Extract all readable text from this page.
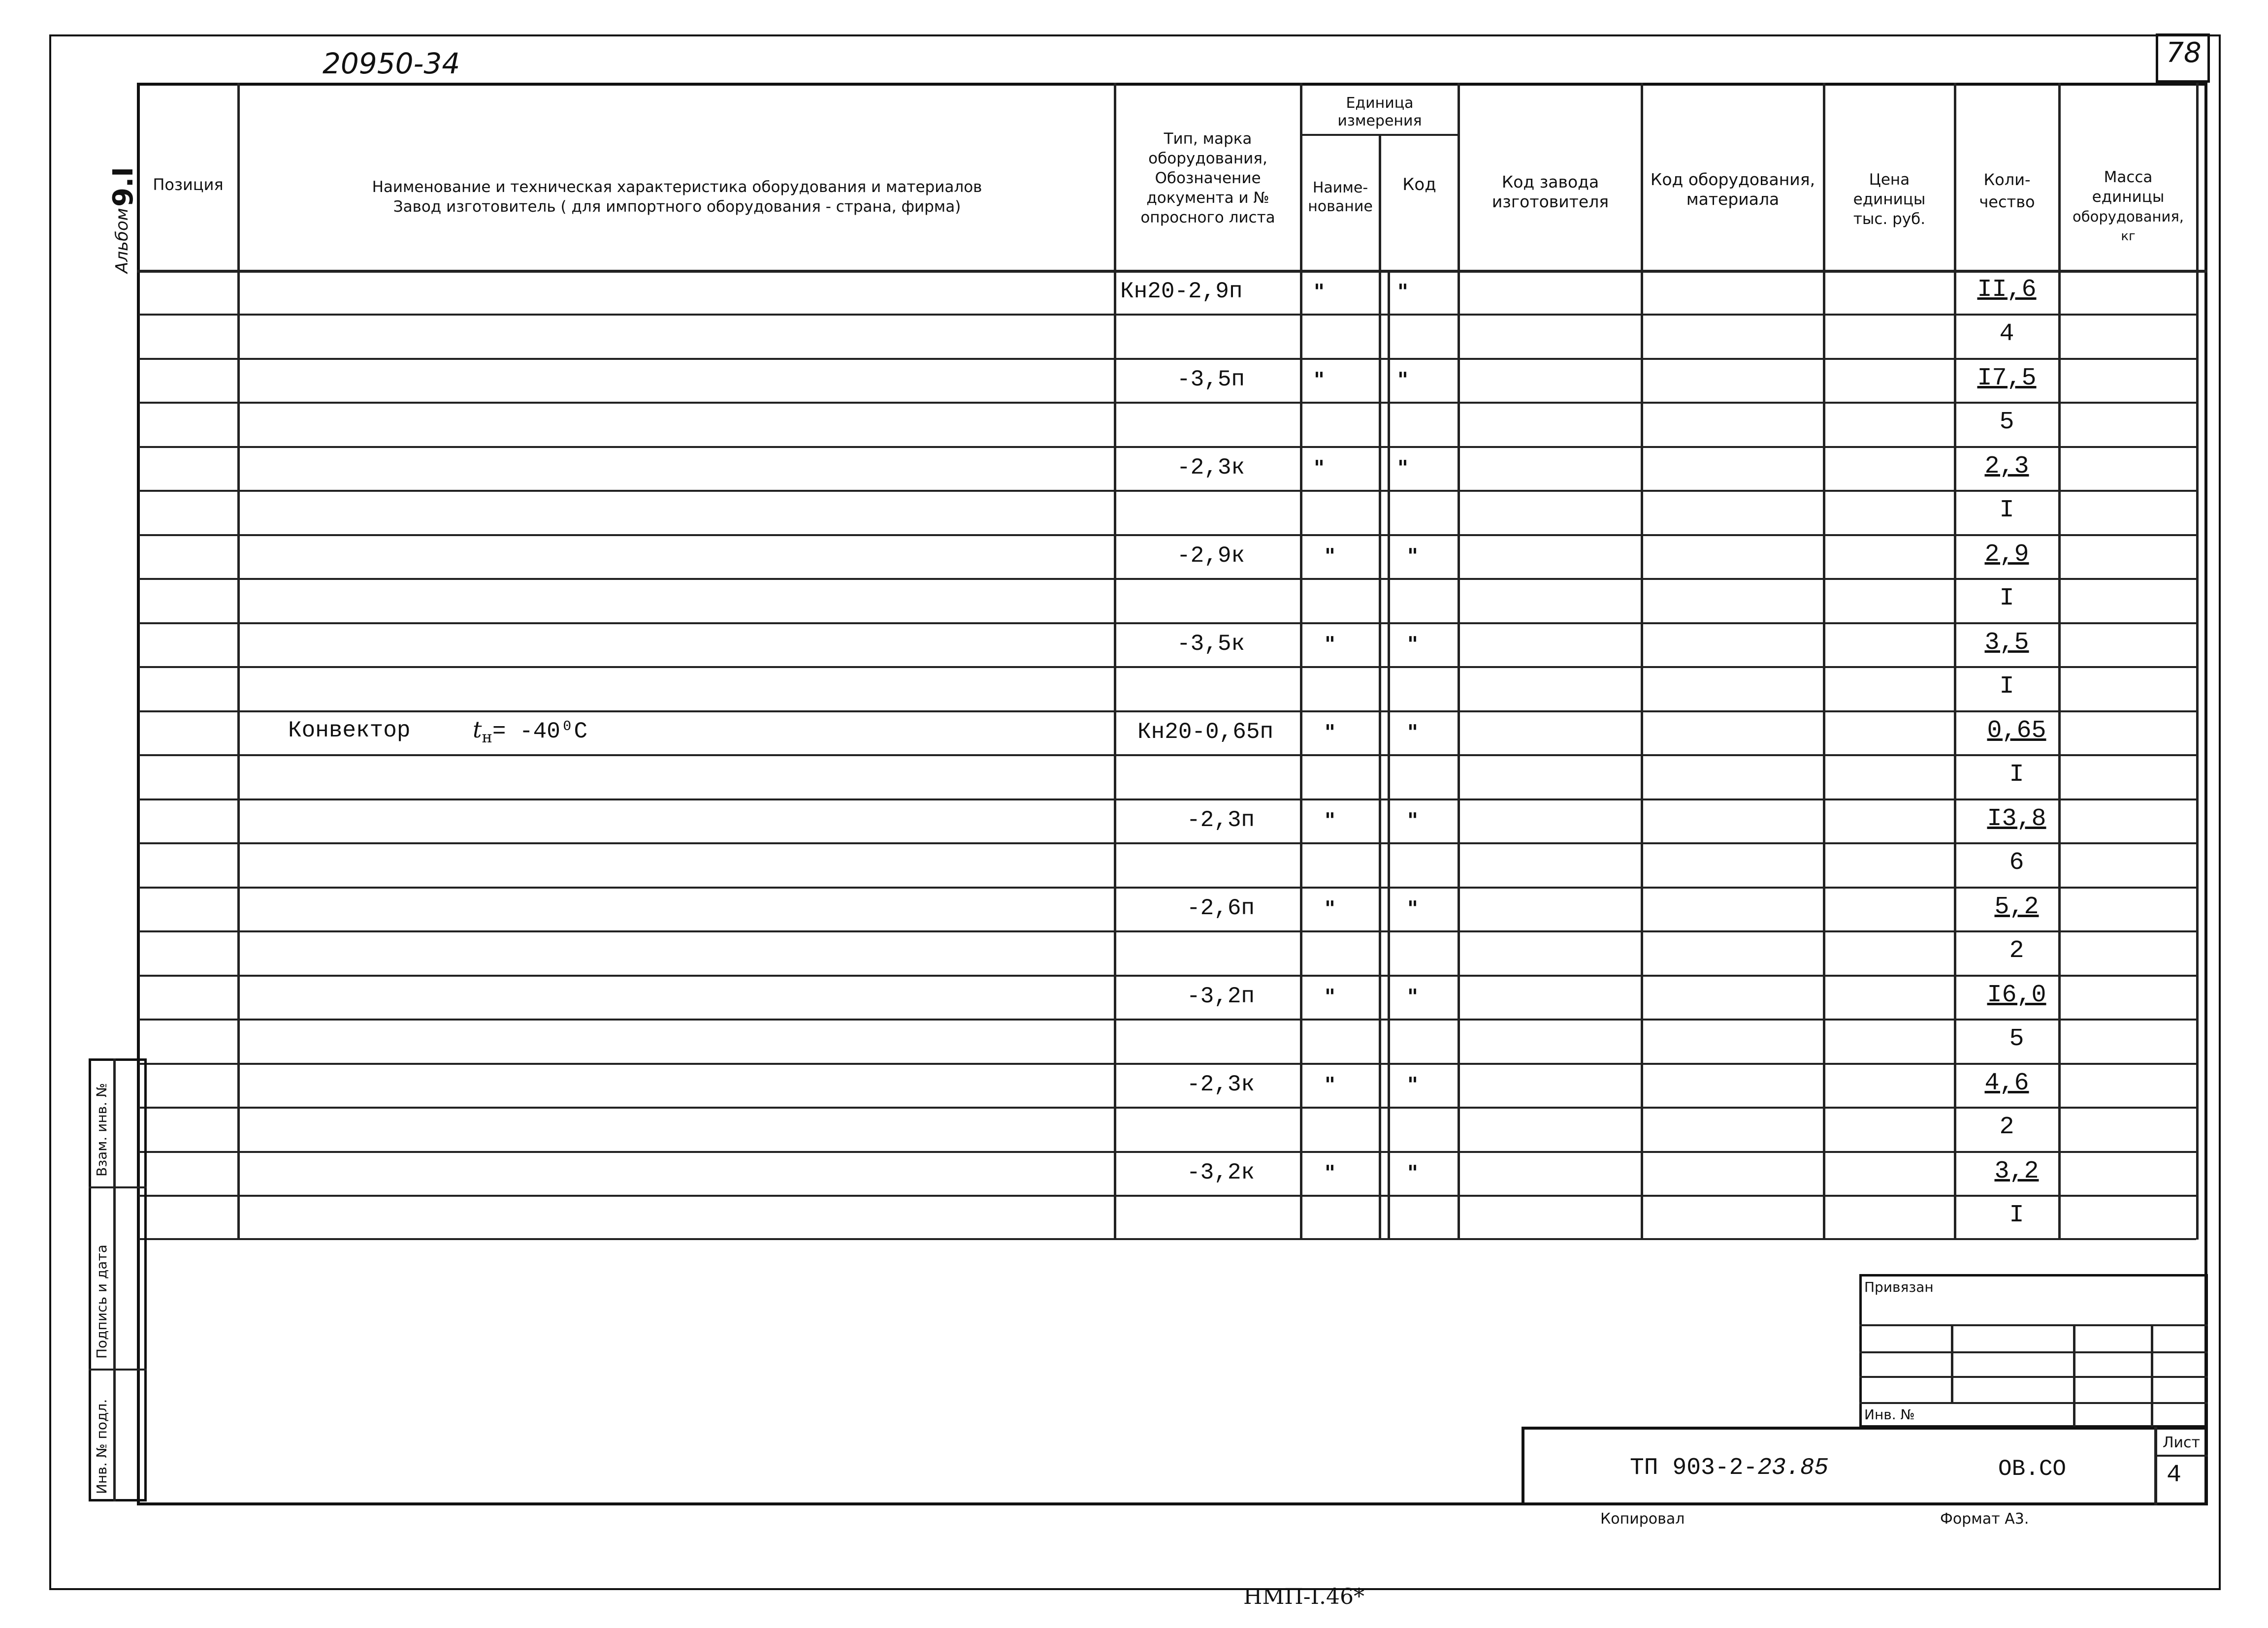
78
20950-34
Альбом
9.I Позиция	Наименование и техническая характеристика оборудования и материалов
Завод изготовитель ( для импортного оборудования - страна, фирма)
Тип, марка
оборудования,
Обозначение
документа и №
опросного листа
Единица
измерения
Наиме-
нование
Код	Код завода
изготовителя
Код оборудования,
материала
Цена
единицы
тыс. руб.
Коли-
чество
Масса
единицы
оборудования,
кг
Кн20-2,9п	"	"	II,6
4
-3,5п	"	"	I7,5
5
-2,3к	"	"	2,3
I
-2,9к	"	"	2,9
I
-3,5к	"	"	3,5
I
Конвектор	$t_н= -40^0C$	Кн20-0,65п "	"	0,65
I
-2,3п	"	"	I3,8
6
-2,6п	"	"	5,2
2
-3,2п	"	"	I6,0
5
-2,3к	"	"	4,6
2
-3,2к	"	"	3,2
I
Взам. инв. №
Подпись и дата
Инв. № подл.
Привязан
Инв. №
Лист
4
ТП 903-2-23.85	ОВ.СО
Копировал	Формат А3.
НМП-I.46*
